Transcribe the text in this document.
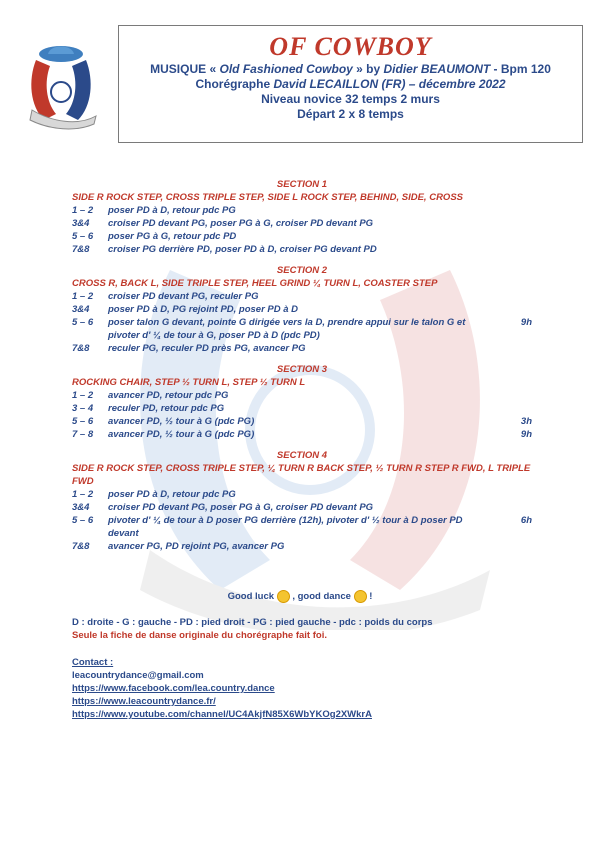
OF COWBOY
MUSIQUE « Old Fashioned Cowboy » by Didier BEAUMONT - Bpm 120
Chorégraphe David LECAILLON (FR) – décembre 2022
Niveau novice 32 temps 2 murs
Départ 2 x 8 temps
SECTION 1
SIDE R ROCK STEP, CROSS TRIPLE STEP, SIDE L ROCK STEP, BEHIND, SIDE, CROSS
1 – 2 poser PD à D, retour pdc PG
3&4 croiser PD devant PG, poser PG à G, croiser PD devant PG
5 – 6 poser PG à G, retour pdc PD
7&8 croiser PG derrière PD, poser PD à D, croiser PG devant PD
SECTION 2
CROSS R, BACK L, SIDE TRIPLE STEP, HEEL GRIND ¼ TURN L, COASTER STEP
1 – 2 croiser PD devant PG, reculer PG
3&4 poser PD à D, PG rejoint PD, poser PD à D
5 – 6 poser talon G devant, pointe G dirigée vers la D, prendre appui sur le talon G et pivoter d' ¼ de tour à G, poser PD à D (pdc PD)
9h
7&8 reculer PG, reculer PD près PG, avancer PG
SECTION 3
ROCKING CHAIR, STEP ½ TURN L, STEP ½ TURN L
1 – 2 avancer PD, retour pdc PG
3 – 4 reculer PD, retour pdc PG
5 – 6 avancer PD, ½ tour à G (pdc PG)	3h
7 – 8 avancer PD, ½ tour à G (pdc PG)	9h
SECTION 4
SIDE R ROCK STEP, CROSS TRIPLE STEP, ¼ TURN R BACK STEP, ½ TURN R STEP R FWD, L TRIPLE FWD
1 – 2 poser PD à D, retour pdc PG
3&4 croiser PD devant PG, poser PG à G, croiser PD devant PG
5 – 6 pivoter d' ¼ de tour à D poser PG derrière (12h), pivoter d' ½ tour à D poser PD devant
6h
7&8 avancer PG, PD rejoint PG, avancer PG
Good luck  , good dance  !
D : droite - G : gauche - PD : pied droit - PG : pied gauche - pdc : poids du corps
Seule la fiche de danse originale du chorégraphe fait foi.
Contact :
leacountrydance@gmail.com
https://www.facebook.com/lea.country.dance
https://www.leacountrydance.fr/
https://www.youtube.com/channel/UC4AkjfN85X6WbYKOg2XWkrA
